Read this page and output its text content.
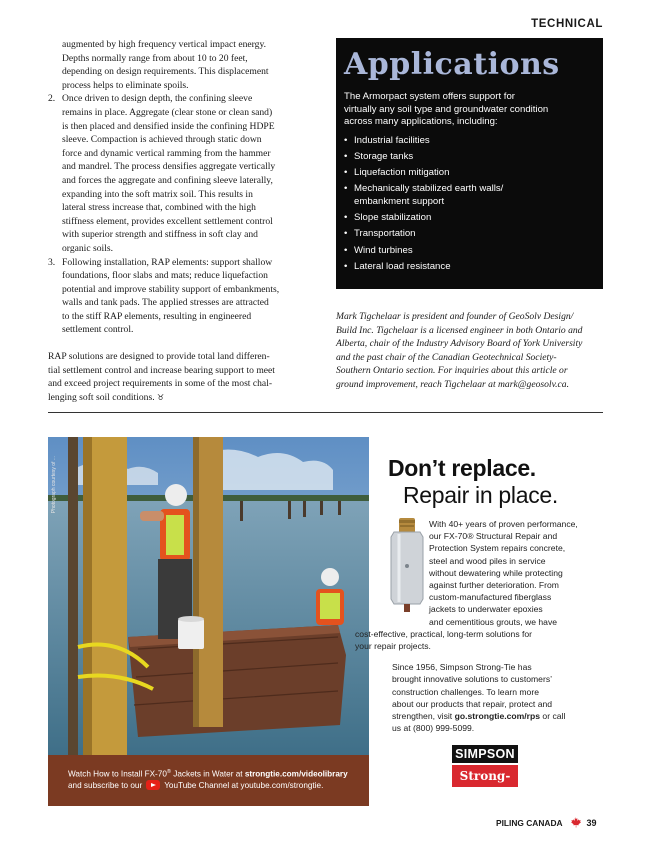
TECHNICAL
augmented by high frequency vertical impact energy.
Depths normally range from about 10 to 20 feet,
depending on design requirements. This displacement
process helps to eliminate spoils.
2. Once driven to design depth, the confining sleeve
remains in place. Aggregate (clear stone or clean sand)
is then placed and densified inside the confining HDPE
sleeve. Compaction is achieved through static down
force and dynamic vertical ramming from the hammer
and mandrel. The process densifies aggregate vertically
and forces the aggregate and confining sleeve laterally,
expanding into the soft matrix soil. This results in
lateral stress increase that, combined with the high
stiffness element, provides excellent settlement control
with superior strength and stiffness in soft clay and
organic soils.
3. Following installation, RAP elements: support shallow
foundations, floor slabs and mats; reduce liquefaction
potential and improve stability support of embankments,
walls and tank pads. The applied stresses are attracted
to the stiff RAP elements, resulting in engineered
settlement control.

RAP solutions are designed to provide total land differen-
tial settlement control and increase bearing support to meet
and exceed project requirements in some of the most chal-
lenging soft soil conditions. ♉

Applications
The Armorpact system offers support for
virtually any soil type and groundwater condition
across many applications, including:
• Industrial facilities
• Storage tanks
• Liquefaction mitigation
• Mechanically stabilized earth walls/
embankment support
• Slope stabilization
• Transportation
• Wind turbines
• Lateral load resistance
Mark Tigchelaar is president and founder of GeoSolv Design/
Build Inc. Tigchelaar is a licensed engineer in both Ontario and
Alberta, chair of the Industry Advisory Board of York University
and the past chair of the Canadian Geotechnical Society-
Southern Ontario section. For inquiries about this article or
ground improvement, reach Tigchelaar at mark@geosolv.ca.
Photograph courtesy of ...
Watch How to Install FX-70® Jackets in Water at strongtie.com/videolibrary
and subscribe to our	YouTube Channel at youtube.com/strongtie.
Don’t replace.
Repair in place.

With 40+ years of proven performance,
our FX-70® Structural Repair and
Protection System repairs concrete,
steel and wood piles in service
without dewatering while protecting
against further deterioration. From
custom-manufactured fiberglass
jackets to underwater epoxies
and cementitious grouts, we have
cost-effective, practical, long-term solutions for
your repair projects.

Since 1956, Simpson Strong-Tie has
brought innovative solutions to customers’
construction challenges. To learn more
about our products that repair, protect and
strengthen, visit go.strongtie.com/rps or call
us at (800) 999-5099.

SIMPSON
Strong-Tie
PILING CANADA	39
